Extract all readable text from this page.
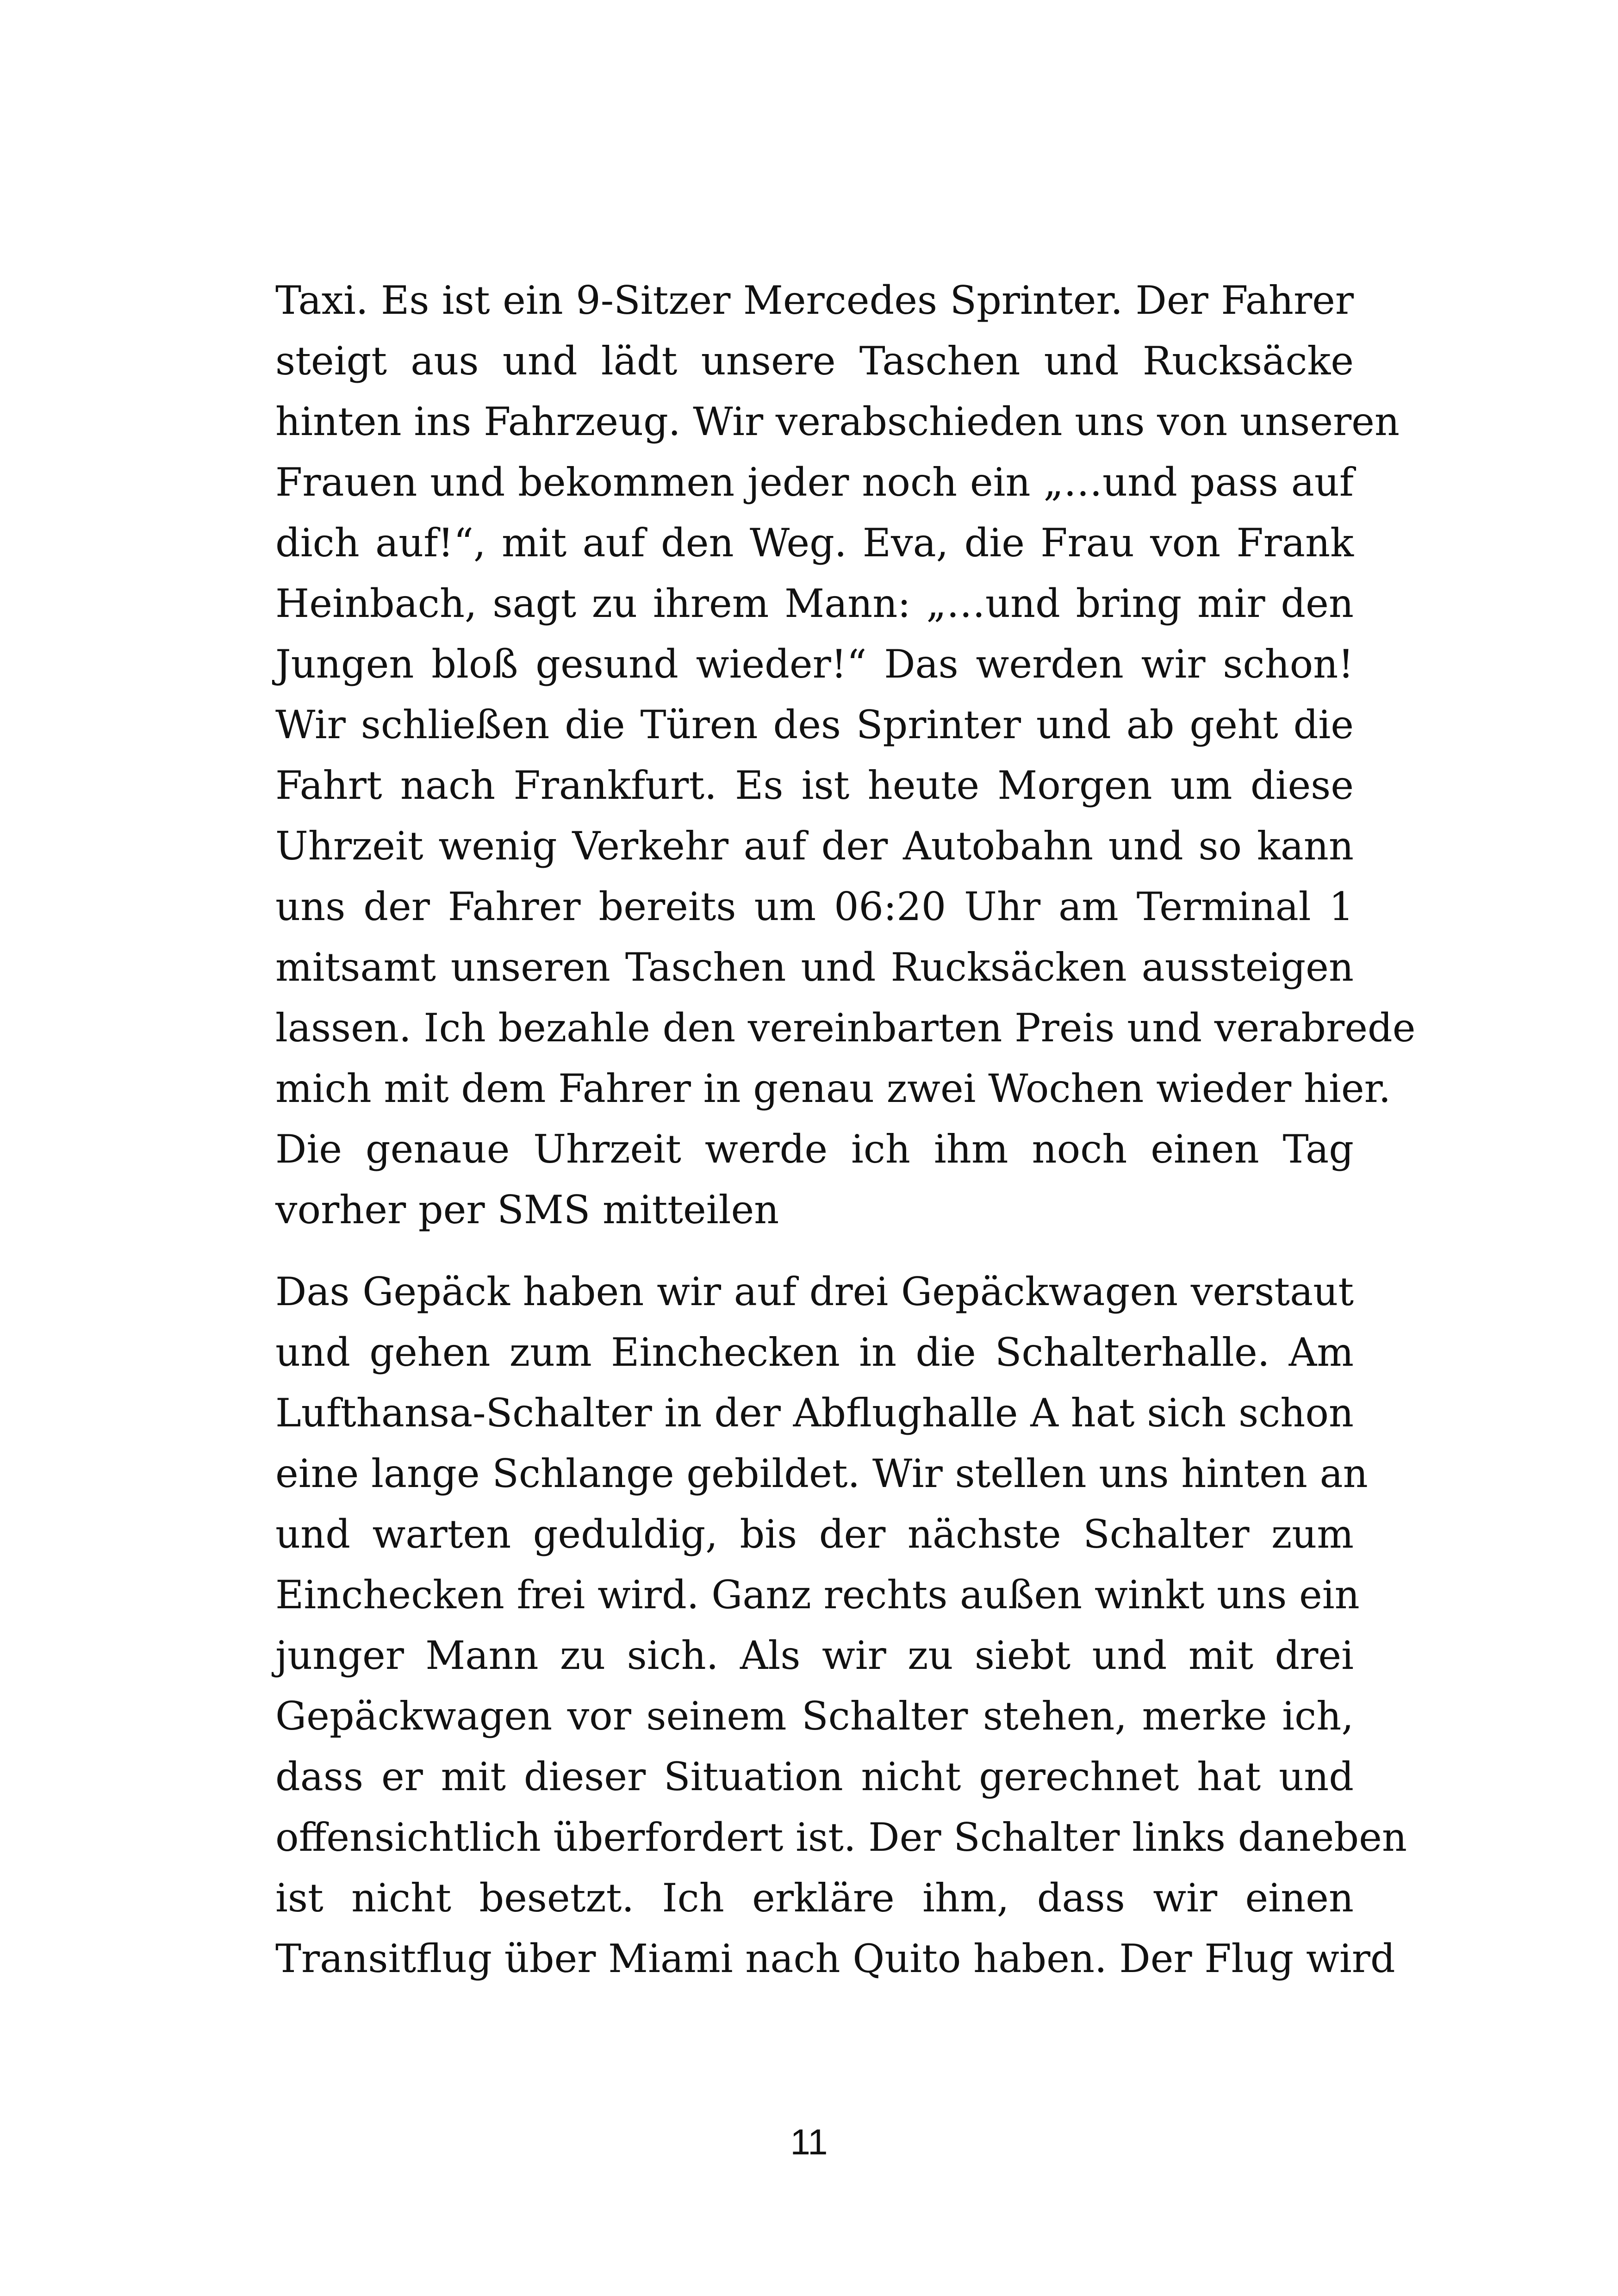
Taxi. Es ist ein 9-Sitzer Mercedes Sprinter. Der Fahrer
steigt aus und lädt unsere Taschen und Rucksäcke
hinten ins Fahrzeug. Wir verabschieden uns von unseren
Frauen und bekommen jeder noch ein „…und pass auf
dich auf!“, mit auf den Weg. Eva, die Frau von Frank
Heinbach, sagt zu ihrem Mann: „…und bring mir den
Jungen bloß gesund wieder!“ Das werden wir schon!
Wir schließen die Türen des Sprinter und ab geht die
Fahrt nach Frankfurt. Es ist heute Morgen um diese
Uhrzeit wenig Verkehr auf der Autobahn und so kann
uns der Fahrer bereits um 06:20 Uhr am Terminal 1
mitsamt unseren Taschen und Rucksäcken aussteigen
lassen. Ich bezahle den vereinbarten Preis und verabrede
mich mit dem Fahrer in genau zwei Wochen wieder hier.
Die genaue Uhrzeit werde ich ihm noch einen Tag
vorher per SMS mitteilen
Das Gepäck haben wir auf drei Gepäckwagen verstaut
und gehen zum Einchecken in die Schalterhalle. Am
Lufthansa-Schalter in der Abflughalle A hat sich schon
eine lange Schlange gebildet. Wir stellen uns hinten an
und warten geduldig, bis der nächste Schalter zum
Einchecken frei wird. Ganz rechts außen winkt uns ein
junger Mann zu sich. Als wir zu siebt und mit drei
Gepäckwagen vor seinem Schalter stehen, merke ich,
dass er mit dieser Situation nicht gerechnet hat und
offensichtlich überfordert ist. Der Schalter links daneben
ist nicht besetzt. Ich erkläre ihm, dass wir einen
Transitflug über Miami nach Quito haben. Der Flug wird
11
